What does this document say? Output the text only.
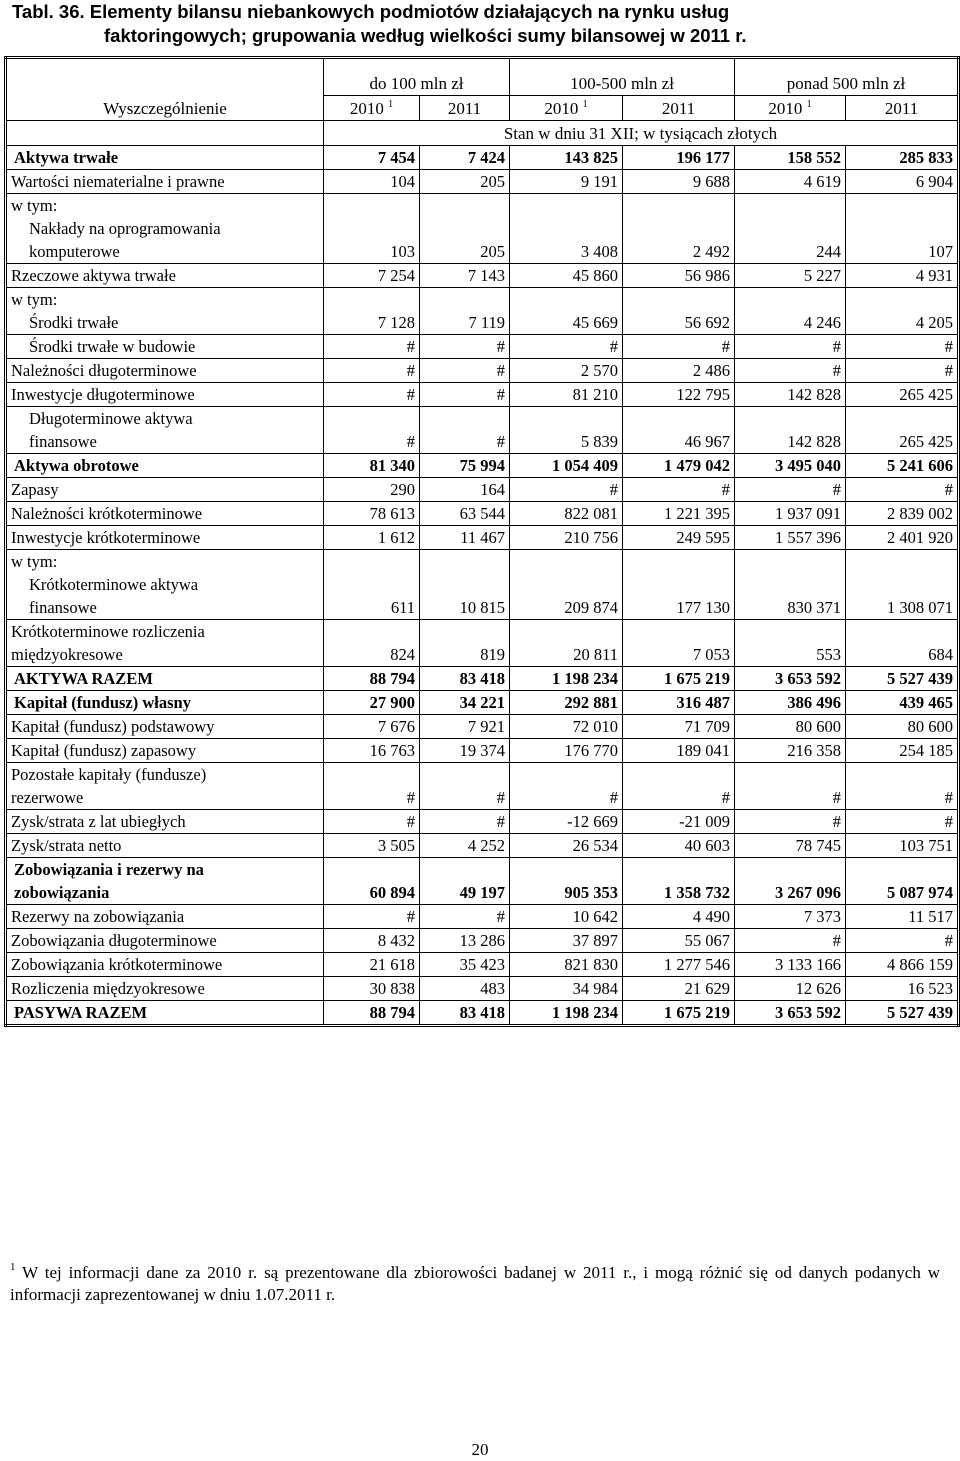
Tabl. 36. Elementy bilansu niebankowych podmiotów działających na rynku usług
faktoringowych; grupowania według wielkości sumy bilansowej w 2011 r.
Wyszczególnienie	do 100 mln zł		100-500 mln zł		ponad 500 mln zł	
	2010 $^1$	2011	2010 $^1$	2011	2010 $^1$	2011
	Stan w dniu 31 XII; w tysiącach złotych					

Aktywa trwałe	7 454	7 424	143 825	196 177	158 552	285 833

Wartości niematerialne i prawne	104	205	9 191	9 688	4 619	6 904

w tym:
Nakłady na oprogramowania
komputerowe	103	205	3 408	2 492	244	107

Rzeczowe aktywa trwałe	7 254	7 143	45 860	56 986	5 227	4 931

w tym:
Środki trwałe	7 128	7 119	45 669	56 692	4 246	4 205

Środki trwałe w budowie	#	#	#	#	#	#

Należności długoterminowe	#	#	2 570	2 486	#	#

Inwestycje długoterminowe	#	#	81 210	122 795	142 828	265 425

Długoterminowe aktywa
finansowe	#	#	5 839	46 967	142 828	265 425

Aktywa obrotowe	81 340	75 994	1 054 409	1 479 042	3 495 040	5 241 606

Zapasy	290	164	#	#	#	#

Należności krótkoterminowe	78 613	63 544	822 081	1 221 395	1 937 091	2 839 002

Inwestycje krótkoterminowe	1 612	11 467	210 756	249 595	1 557 396	2 401 920

w tym:
Krótkoterminowe aktywa
finansowe	611	10 815	209 874	177 130	830 371	1 308 071

Krótkoterminowe rozliczenia
międzyokresowe	824	819	20 811	7 053	553	684

AKTYWA RAZEM	88 794	83 418	1 198 234	1 675 219	3 653 592	5 527 439

Kapitał (fundusz) własny	27 900	34 221	292 881	316 487	386 496	439 465

Kapitał (fundusz) podstawowy	7 676	7 921	72 010	71 709	80 600	80 600

Kapitał (fundusz) zapasowy	16 763	19 374	176 770	189 041	216 358	254 185

Pozostałe kapitały (fundusze)
rezerwowe	#	#	#	#	#	#

Zysk/strata z lat ubiegłych	#	#	-12 669	-21 009	#	#

Zysk/strata netto	3 505	4 252	26 534	40 603	78 745	103 751

Zobowiązania i rezerwy na
zobowiązania	60 894	49 197	905 353	1 358 732	3 267 096	5 087 974

Rezerwy na zobowiązania	#	#	10 642	4 490	7 373	11 517

Zobowiązania długoterminowe	8 432	13 286	37 897	55 067	#	#

Zobowiązania krótkoterminowe	21 618	35 423	821 830	1 277 546	3 133 166	4 866 159

Rozliczenia międzyokresowe	30 838	483	34 984	21 629	12 626	16 523

PASYWA RAZEM	88 794	83 418	1 198 234	1 675 219	3 653 592	5 527 439
$^1$ W tej informacji dane za 2010 r. są prezentowane dla zbiorowości badanej w 2011 r., i mogą różnić się od danych podanych w informacji zaprezentowanej w dniu 1.07.2011 r.
20
